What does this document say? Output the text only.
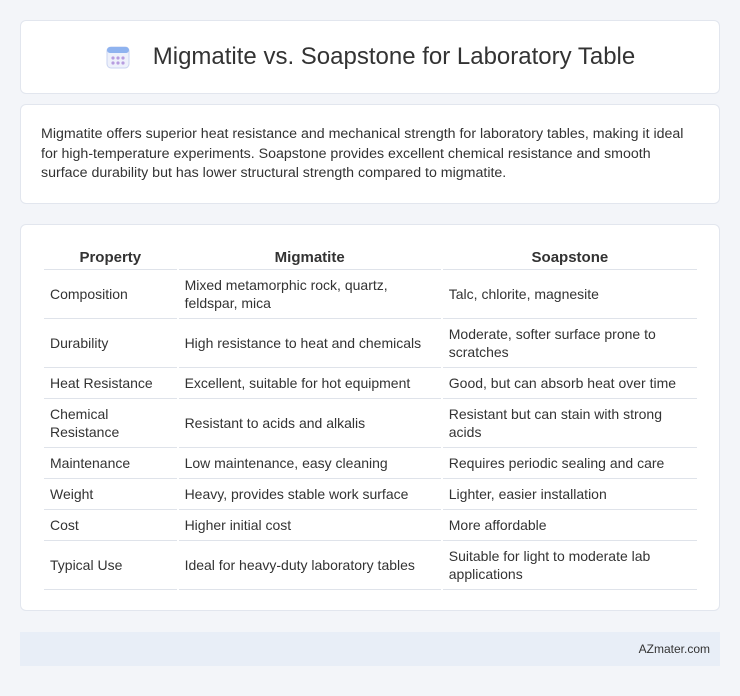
Migmatite vs. Soapstone for Laboratory Table

Migmatite offers superior heat resistance and mechanical strength for laboratory tables, making it ideal for high-temperature experiments. Soapstone provides excellent chemical resistance and smooth surface durability but has lower structural strength compared to migmatite.

Property	Migmatite	Soapstone
Composition	Mixed metamorphic rock, quartz, feldspar, mica	Talc, chlorite, magnesite
Durability	High resistance to heat and chemicals	Moderate, softer surface prone to scratches
Heat Resistance	Excellent, suitable for hot equipment	Good, but can absorb heat over time
Chemical Resistance	Resistant to acids and alkalis	Resistant but can stain with strong acids
Maintenance	Low maintenance, easy cleaning	Requires periodic sealing and care
Weight	Heavy, provides stable work surface	Lighter, easier installation
Cost	Higher initial cost	More affordable
Typical Use	Ideal for heavy-duty laboratory tables	Suitable for light to moderate lab applications
AZmater.com
